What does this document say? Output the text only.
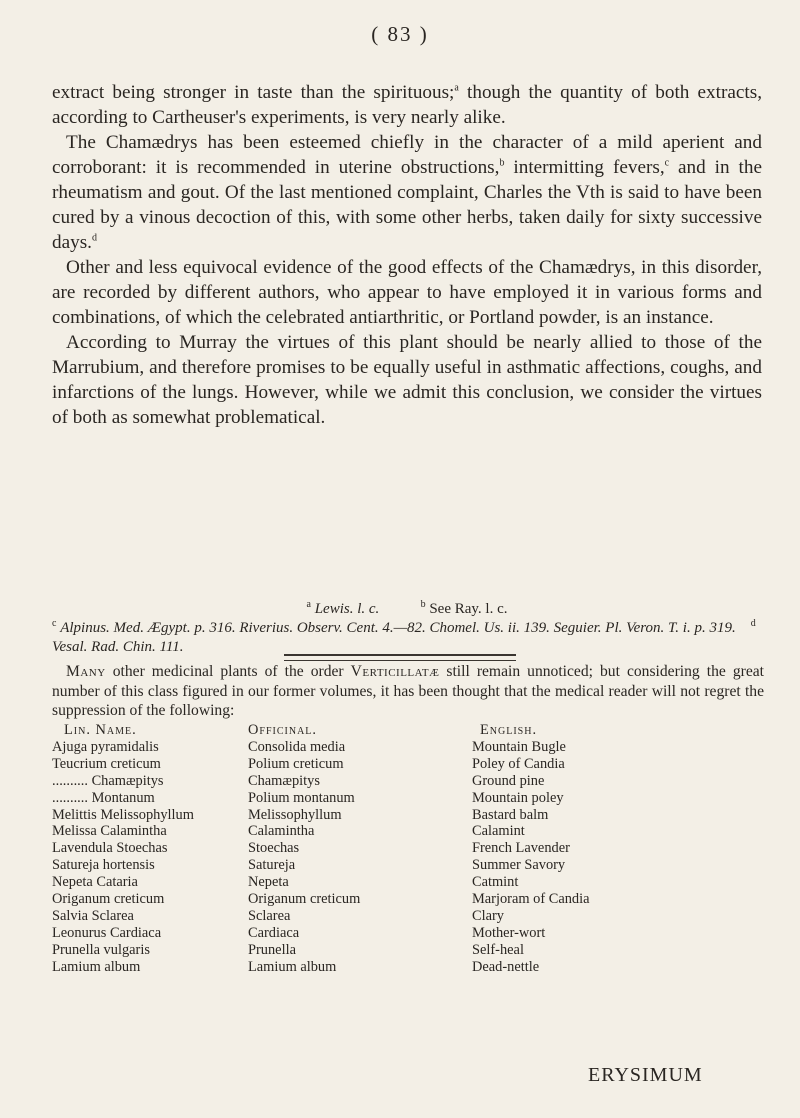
( 83 )

extract being stronger in taste than the spirituous;$^a$ though the quantity of both extracts, according to Cartheuser's experiments, is very nearly alike.

The Chamædrys has been esteemed chiefly in the character of a mild aperient and corroborant: it is recommended in uterine obstructions,$^b$ intermitting fevers,$^c$ and in the rheumatism and gout. Of the last mentioned complaint, Charles the Vth is said to have been cured by a vinous decoction of this, with some other herbs, taken daily for sixty successive days.$^d$

Other and less equivocal evidence of the good effects of the Chamædrys, in this disorder, are recorded by different authors, who appear to have employed it in various forms and combinations, of which the celebrated antiarthritic, or Portland powder, is an instance.

According to Murray the virtues of this plant should be nearly allied to those of the Marrubium, and therefore promises to be equally useful in asthmatic affections, coughs, and infarctions of the lungs. However, while we admit this conclusion, we consider the virtues of both as somewhat problematical.

$^a$ Lewis. l. c.	$^b$ See Ray. l. c.
$^c$ Alpinus. Med. Ægypt. p. 316. Riverius. Observ. Cent. 4.—82. Chomel. Us. ii. 139. Seguier. Pl. Veron. T. i. p. 319. $^d$ Vesal. Rad. Chin. 111.

Many other medicinal plants of the order Verticillatæ still remain unnoticed; but considering the great number of this class figured in our former volumes, it has been thought that the medical reader will not regret the suppression of the following:

Lin. Name.	Officinal.	English.
Ajuga pyramidalis	Consolida media	Mountain Bugle
Teucrium creticum	Polium creticum	Poley of Candia
.......... Chamæpitys	Chamæpitys	Ground pine
.......... Montanum	Polium montanum	Mountain poley
Melittis Melissophyllum	Melissophyllum	Bastard balm
Melissa Calamintha	Calamintha	Calamint
Lavendula Stoechas	Stoechas	French Lavender
Satureja hortensis	Satureja	Summer Savory
Nepeta Cataria	Nepeta	Catmint
Origanum creticum	Origanum creticum	Marjoram of Candia
Salvia Sclarea	Sclarea	Clary
Leonurus Cardiaca	Cardiaca	Mother-wort
Prunella vulgaris	Prunella	Self-heal
Lamium album	Lamium album	Dead-nettle
ERYSIMUM
